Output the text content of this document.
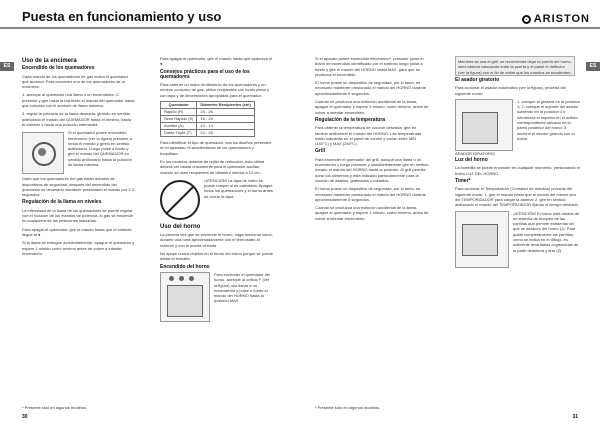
Puesta en funcionamiento y uso	ARISTON
ES	ES
Uso de la encimera
Encendido de los quemadores

Cada mando de los quemadores de gas indica el quemador que acciona. Para encender uno de los quemadores de la encimera:

1. acerque al quemador una llama o un encendedor; 2. presione y gire hacia la izquierda el mando del quemador hasta que coincida con el símbolo de llama máxima.

3. regule la potencia de la llama deseada, girando en sentido antihorario el mando del QUEMADOR hasta el mínimo, hasta el máximo y hacia una posición intermedia.

Si el quemador posee encendido electrónico (ver la figura) presione a fondo el mando y gírelo en sentido antihorario. Luego pulse a fondo y gire el mando del QUEMADOR en sentido antihorario hasta la posición de llama máxima.

Dado que los quemadores del gas están dotados de dispositivos de seguridad, después del encendido del quemador es necesario mantener presionado el mando por 2-3 segundos.

Regulación de la llama en niveles

La intensidad de la llama de los quemadores se puede regular con el rociador de los mandos de potencia. Al gas se enciende en cualquiera de las posiciones indicadas.

Para apagar el quemador, gire el mando hasta que el símbolo llegue al ● .

Si la llama se extingue accidentalmente, apague el quemador y espere 1 minuto como mínimo antes de volver a intentar encenderlo.

* Presente sólo en algunos modelos.

Para apagar el quemador, gire el mando hasta que aparezca el ●.

Consejos prácticos para el uso de los quemadores

Para obtener un mejor rendimiento de los quemadores y un mínimo consumo de gas, utilice recipientes con fondo plano y con tapa y de dimensiones apropiadas para el quemador.

Quemador	Diámetro Recipientes (cm)
Rápido (R)	24 - 26
Semi Rápido (S)	16 - 20
Auxiliar (A)	10 - 14
Doble Triple (T)	24 - 26

Para identificar el tipo de quemador, vea los diseños presentes en el apartado «Características de los quemadores y boquillas».

En los modelos dotados de rejilla de reducción, esta última deberá ser usada únicamente para el quemador auxiliar, cuando se usen recipientes de diámetro inferior a 12 cm.

¡ATENCIÓN! La tapa de vidrio se puede romper si es calentada. Apague todos los quemadores y el horno antes de cerrar la tapa.

Uso del horno

La primera vez que se enciende el horno, haga funcionar vacío, durante una hora aproximadamente con el termostato al máximo y con la puerta cerrada.

No apoye nunca objetos en el fondo del horno porque se puede dañar el esmalte.

Encendido del horno

Para encender el quemador del horno, acerque al orificio F (ver la figura) una llama o un encendedor y pulse a fondo el mando del HORNO hasta la posición MAX.

Si el aparato posee encendido electrónico*, presione pulse el botón de encendido identificado por el símbolo luego pulse a fondo y gire el mando del HORNO hasta MAX, para que se produzca el encendido.

El horno posee un dispositivo de seguridad, por lo tanto, es necesario mantener presionado el mando del HORNO durante aproximadamente 6 segundos.

Cuando se produzca una extinción accidental de la llama, apague el quemador y espere 1 minuto, como mínimo, antes de volver a intentar encenderlo.

Regulación de la temperatura

Para obtener la temperatura de cocción deseada, gire en sentido antihorario el mando del HORNO. Las temperaturas están indicadas en el panel de control y varían entre MIN (140°C) y MAX (240°C).

Grill

Para encender el quemador del grill, aunque una llama o un encendedor y luego presione y simultáneamente gire en sentido horario el mando del HORNO hasta la posición. Al grill permite dorar los alimentos y está indicado particularmente para la cocción de asados, gratinados y tostados.

El horno posee un dispositivo de seguridad, por lo tanto, es necesario mantener presionado el mando del HORNO durante aproximadamente 6 segundos.

Cuando se produzca una extinción accidental de la llama, apague el quemador y espere 1 minuto, como mínimo, antes de volver a intentar encenderlo.

* Presente sólo en algunos modelos.
Mientras se usa el grill, se recomienda dejar la puerta del horno semi abierta colocando entre la puerta y el panel el deflector (ver la figura) con el fin de evitar que los mandos se recalienten.
El asador giratorio

Para accionar el asador automático (ver la figura), proceda del siguiente modo:

ASADOR GIRATORIO

1. coloque la grasera en la posición 1; 2. coloque el soporte del asador subiendo en la posición 4 e introduzca el espetón en el orificio correspondiente ubicado en la pared posterior del horno; 3. accione el asador girando con el botón.

Luz del horno

La bombilla se puede encender en cualquier momento, presionando el botón LUZ DEL HORNO.

Timer*

Para accionar el Temporizador (Contador de minutos) proceda del siguiente modo: 1. gire el mando hasta que el sonido del mismo sea del TEMPORIZADOR para cargar la alarma; 2. gire en sentido antihorario el mando del TEMPORIZADOR fijando el tiempo deseado.

¡ATENCIÓN! El horno está dotado de un sistema de bloqueo de las parrillas que permite extraerlas sin que se deslicen del horno (1). Para quitar completamente las parrillas, como se indica en el dibujo, es suficiente levantarlas cogiéndolas de la parte delantera y tirar (2).

30	31
